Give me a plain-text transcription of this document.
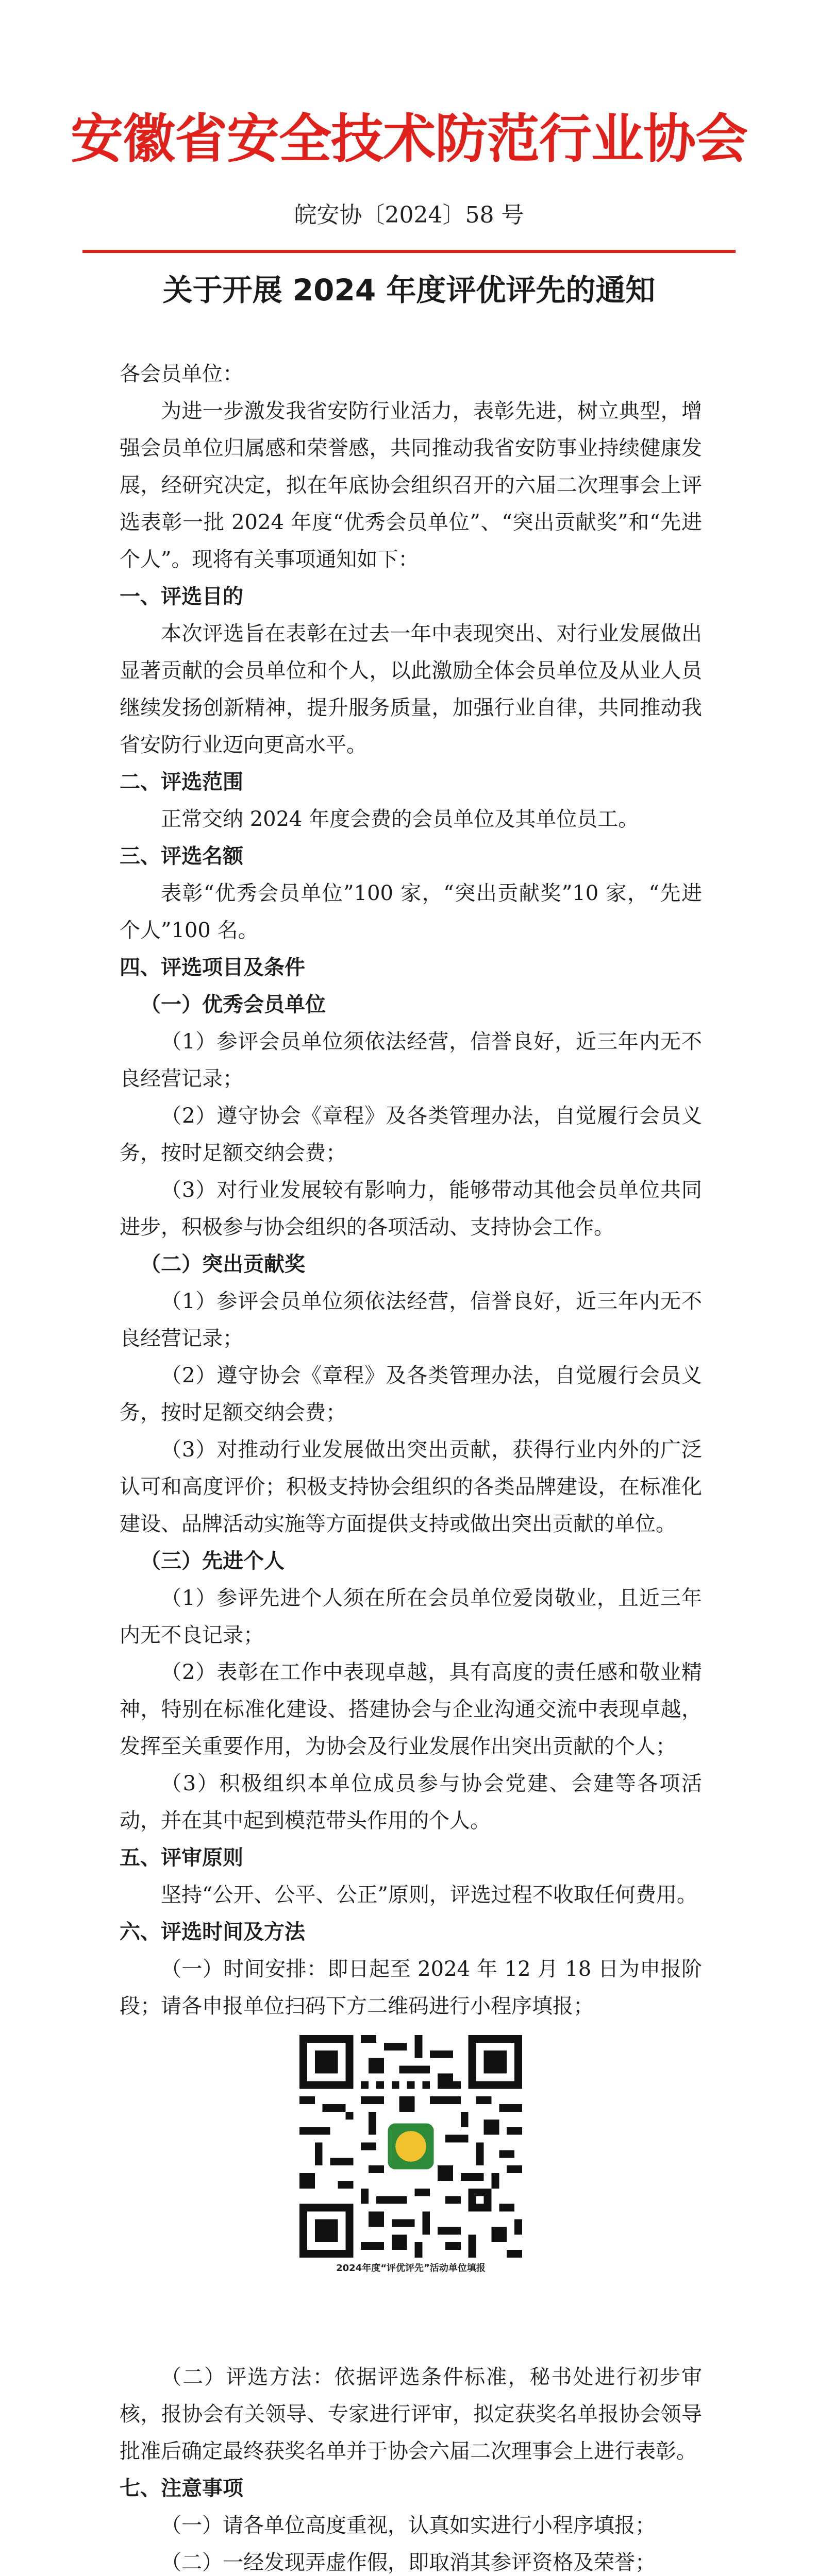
安徽省安全技术防范行业协会
皖安协〔2024〕58 号
关于开展 2024 年度评优评先的通知

各会员单位：

为进一步激发我省安防行业活力，表彰先进，树立典型，增强会员单位归属感和荣誉感，共同推动我省安防事业持续健康发展，经研究决定，拟在年底协会组织召开的六届二次理事会上评选表彰一批 2024 年度“优秀会员单位”、“突出贡献奖”和“先进个人”。现将有关事项通知如下：

一、评选目的

本次评选旨在表彰在过去一年中表现突出、对行业发展做出显著贡献的会员单位和个人，以此激励全体会员单位及从业人员继续发扬创新精神，提升服务质量，加强行业自律，共同推动我省安防行业迈向更高水平。

二、评选范围

正常交纳 2024 年度会费的会员单位及其单位员工。

三、评选名额

表彰“优秀会员单位”100 家，“突出贡献奖”10 家，“先进个人”100 名。

四、评选项目及条件

（一）优秀会员单位

（1）参评会员单位须依法经营，信誉良好，近三年内无不良经营记录；

（2）遵守协会《章程》及各类管理办法，自觉履行会员义务，按时足额交纳会费；

（3）对行业发展较有影响力，能够带动其他会员单位共同进步，积极参与协会组织的各项活动、支持协会工作。

（二）突出贡献奖

（1）参评会员单位须依法经营，信誉良好，近三年内无不良经营记录；

（2）遵守协会《章程》及各类管理办法，自觉履行会员义务，按时足额交纳会费；

（3）对推动行业发展做出突出贡献，获得行业内外的广泛认可和高度评价；积极支持协会组织的各类品牌建设，在标准化建设、品牌活动实施等方面提供支持或做出突出贡献的单位。

（三）先进个人

（1）参评先进个人须在所在会员单位爱岗敬业，且近三年内无不良记录；

（2）表彰在工作中表现卓越，具有高度的责任感和敬业精神，特别在标准化建设、搭建协会与企业沟通交流中表现卓越，发挥至关重要作用，为协会及行业发展作出突出贡献的个人；

（3）积极组织本单位成员参与协会党建、会建等各项活动，并在其中起到模范带头作用的个人。

五、评审原则

坚持“公开、公平、公正”原则，评选过程不收取任何费用。

六、评选时间及方法

（一）时间安排：即日起至 2024 年 12 月 18 日为申报阶段；请各申报单位扫码下方二维码进行小程序填报；

2024年度“评优评先”活动单位填报

（二）评选方法：依据评选条件标准，秘书处进行初步审核，报协会有关领导、专家进行评审，拟定获奖名单报协会领导批准后确定最终获奖名单并于协会六届二次理事会上进行表彰。

七、注意事项

（一）请各单位高度重视，认真如实进行小程序填报；

（二）一经发现弄虚作假，即取消其参评资格及荣誉；
